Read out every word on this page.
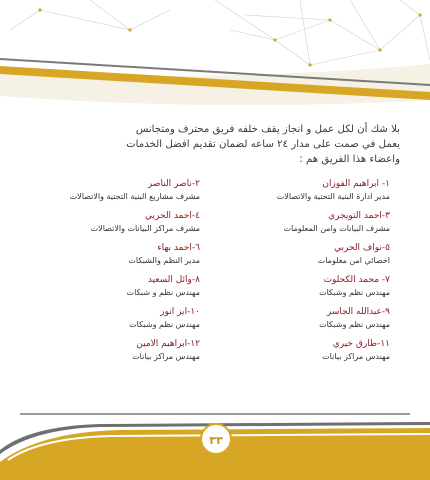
بلا شك أن لكل عمل و انجاز يقف خلفه فريق محترف ومتجانس
يعمل في صمت على مدار ٢٤ ساعه لضمان تقديم افضل الخدمات
واعضاء هذا الفريق هم :
١- ابراهيم الفوزان
مدير ادارة البنية التحتية والاتصالات
٣-احمد التويجري
مشرف البيانات وامن المعلومات
٥-نواف الحربي
اخصائي امن معلومات
٧- محمد الكحلوت
مهندس نظم وشبكات
٩-عبدالله الجاسر
مهندس نظم وشبكات
١١-طارق خيري
مهندس مراكز بيانات
٢-ناصر الناصر
مشرف مشاريع البنية التحتية والاتصالات
٤-احمد الحربي
مشرف مراكز البيانات والاتصالات
٦-احمد بهاء
مدير النظم والشبكات
٨-وائل السعيد
مهندس نظم و شبكات
١٠-ايز انور
مهندس نظم وشبكات
١٢-ابراهيم الامين
مهندس مراكز بيانات
٣٣
